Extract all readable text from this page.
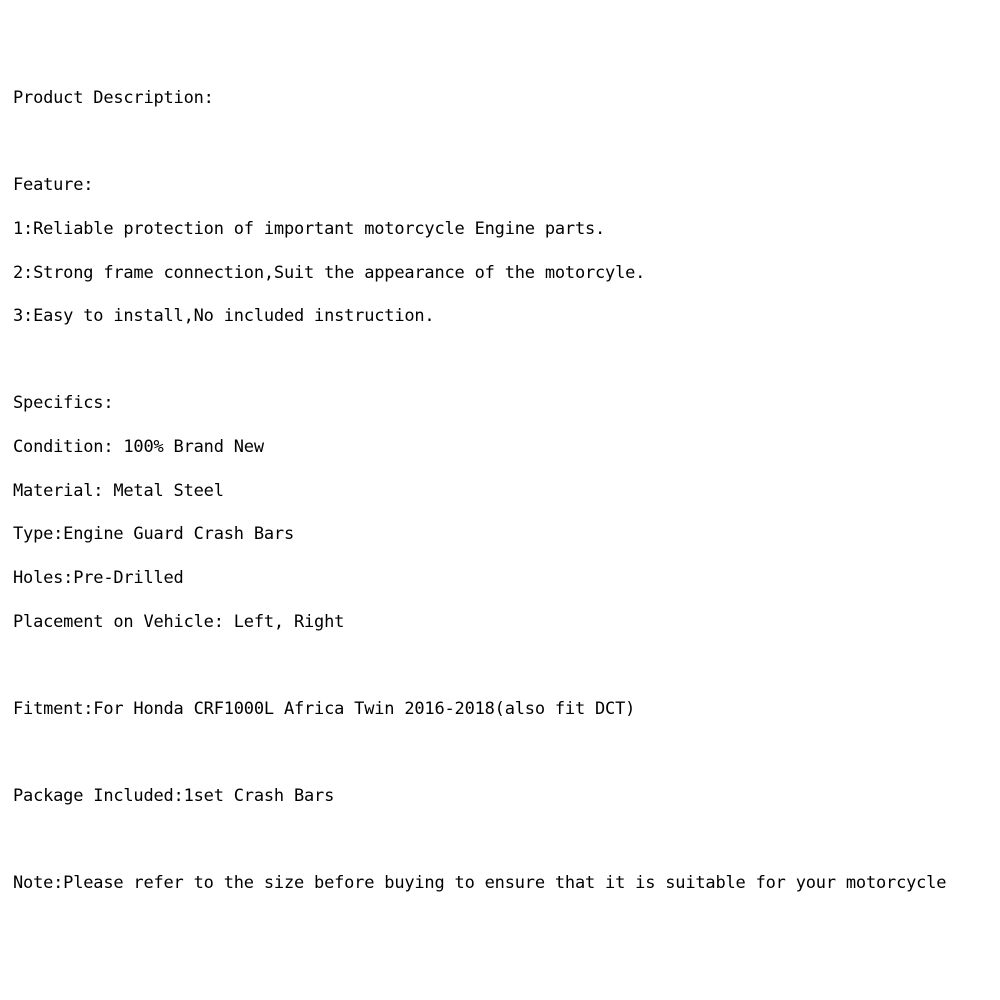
Product Description:
Feature:
1:Reliable protection of important motorcycle Engine parts.
2:Strong frame connection,Suit the appearance of the motorcyle.
3:Easy to install,No included instruction.
Specifics:
Condition: 100% Brand New
Material: Metal Steel
Type:Engine Guard Crash Bars
Holes:Pre-Drilled
Placement on Vehicle: Left, Right
Fitment:For Honda CRF1000L Africa Twin 2016-2018(also fit DCT)
Package Included:1set Crash Bars
Note:Please refer to the size before buying to ensure that it is suitable for your motorcycle
